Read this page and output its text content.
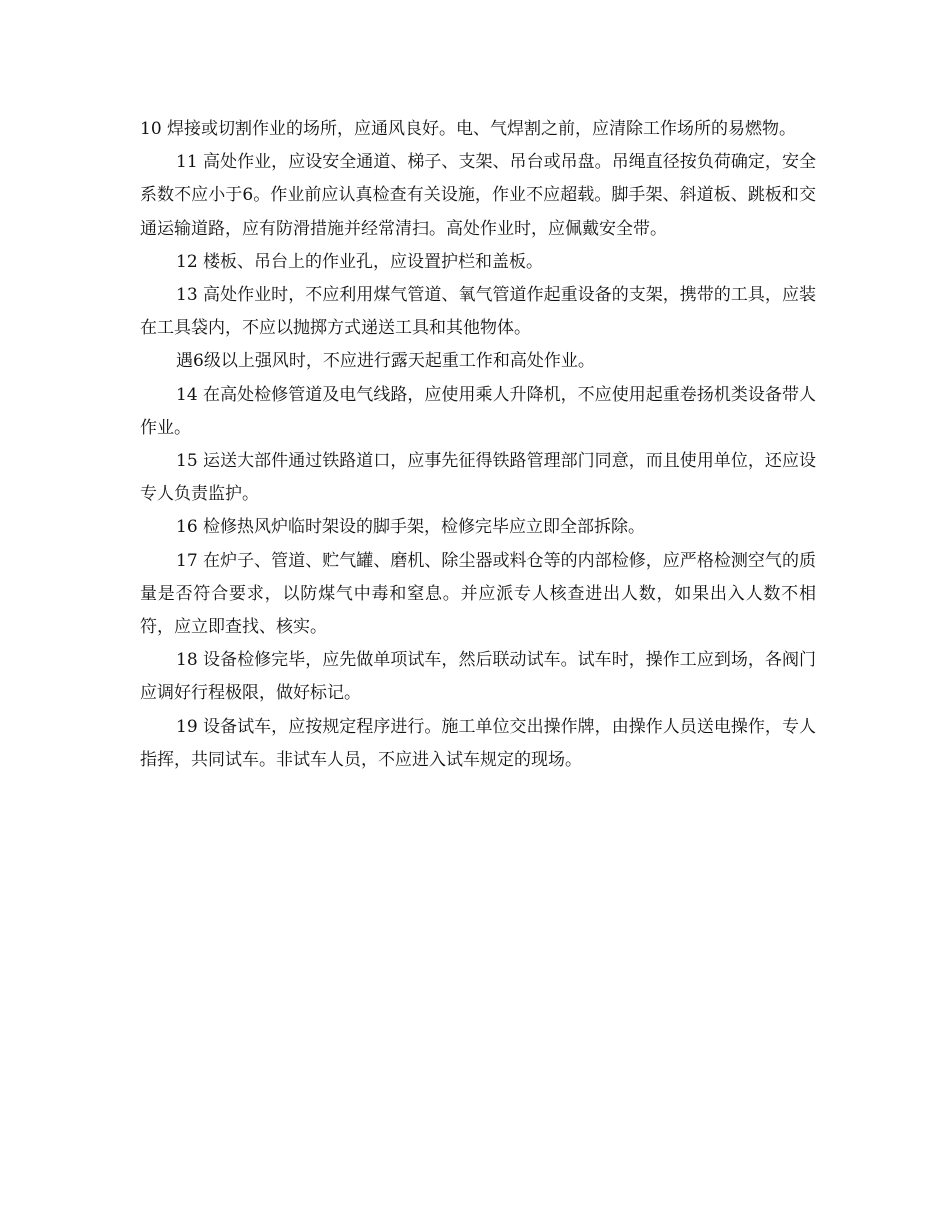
10 焊接或切割作业的场所，应通风良好。电、气焊割之前，应清除工作场所的易燃物。

11 高处作业，应设安全通道、梯子、支架、吊台或吊盘。吊绳直径按负荷确定，安全系数不应小于6。作业前应认真检查有关设施，作业不应超载。脚手架、斜道板、跳板和交通运输道路，应有防滑措施并经常清扫。高处作业时，应佩戴安全带。

12 楼板、吊台上的作业孔，应设置护栏和盖板。

13 高处作业时，不应利用煤气管道、氧气管道作起重设备的支架，携带的工具，应装在工具袋内，不应以抛掷方式递送工具和其他物体。

遇6级以上强风时，不应进行露天起重工作和高处作业。

14 在高处检修管道及电气线路，应使用乘人升降机，不应使用起重卷扬机类设备带人作业。

15 运送大部件通过铁路道口，应事先征得铁路管理部门同意，而且使用单位，还应设专人负责监护。

16 检修热风炉临时架设的脚手架，检修完毕应立即全部拆除。

17 在炉子、管道、贮气罐、磨机、除尘器或料仓等的内部检修，应严格检测空气的质量是否符合要求，以防煤气中毒和窒息。并应派专人核查进出人数，如果出入人数不相符，应立即查找、核实。

18 设备检修完毕，应先做单项试车，然后联动试车。试车时，操作工应到场，各阀门应调好行程极限，做好标记。

19 设备试车，应按规定程序进行。施工单位交出操作牌，由操作人员送电操作，专人指挥，共同试车。非试车人员，不应进入试车规定的现场。
